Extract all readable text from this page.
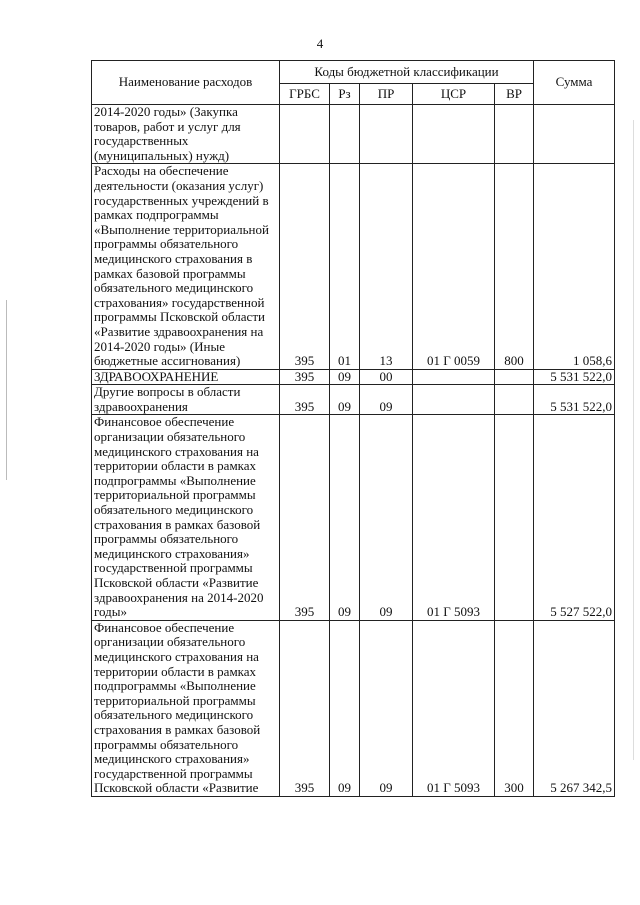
4
Наименование расходов	Коды бюджетной классификации					Сумма
	ГРБС	Рз	ПР	ЦСР	ВР	
2014-2020 годы» (Закупка товаров, работ и услуг для государственных (муниципальных) нужд)						
Расходы на обеспечение деятельности (оказания услуг) государственных учреждений в рамках подпрограммы «Выполнение территориальной программы обязательного медицинского страхования в рамках базовой программы обязательного медицинского страхования» государственной программы Псковской области «Развитие здравоохранения на 2014-2020 годы» (Иные бюджетные ассигнования)	395	01	13	01 Г 0059	800	1 058,6
ЗДРАВООХРАНЕНИЕ	395	09	00			5 531 522,0
Другие вопросы в области здравоохранения	395	09	09			5 531 522,0
Финансовое обеспечение организации обязательного медицинского страхования на территории области в рамках подпрограммы «Выполнение территориальной программы обязательного медицинского страхования в рамках базовой программы обязательного медицинского страхования» государственной программы Псковской области «Развитие здравоохранения на 2014-2020 годы»	395	09	09	01 Г 5093		5 527 522,0
Финансовое обеспечение организации обязательного медицинского страхования на территории области в рамках подпрограммы «Выполнение территориальной программы обязательного медицинского страхования в рамках базовой программы обязательного медицинского страхования» государственной программы Псковской области «Развитие	395	09	09	01 Г 5093	300	5 267 342,5
